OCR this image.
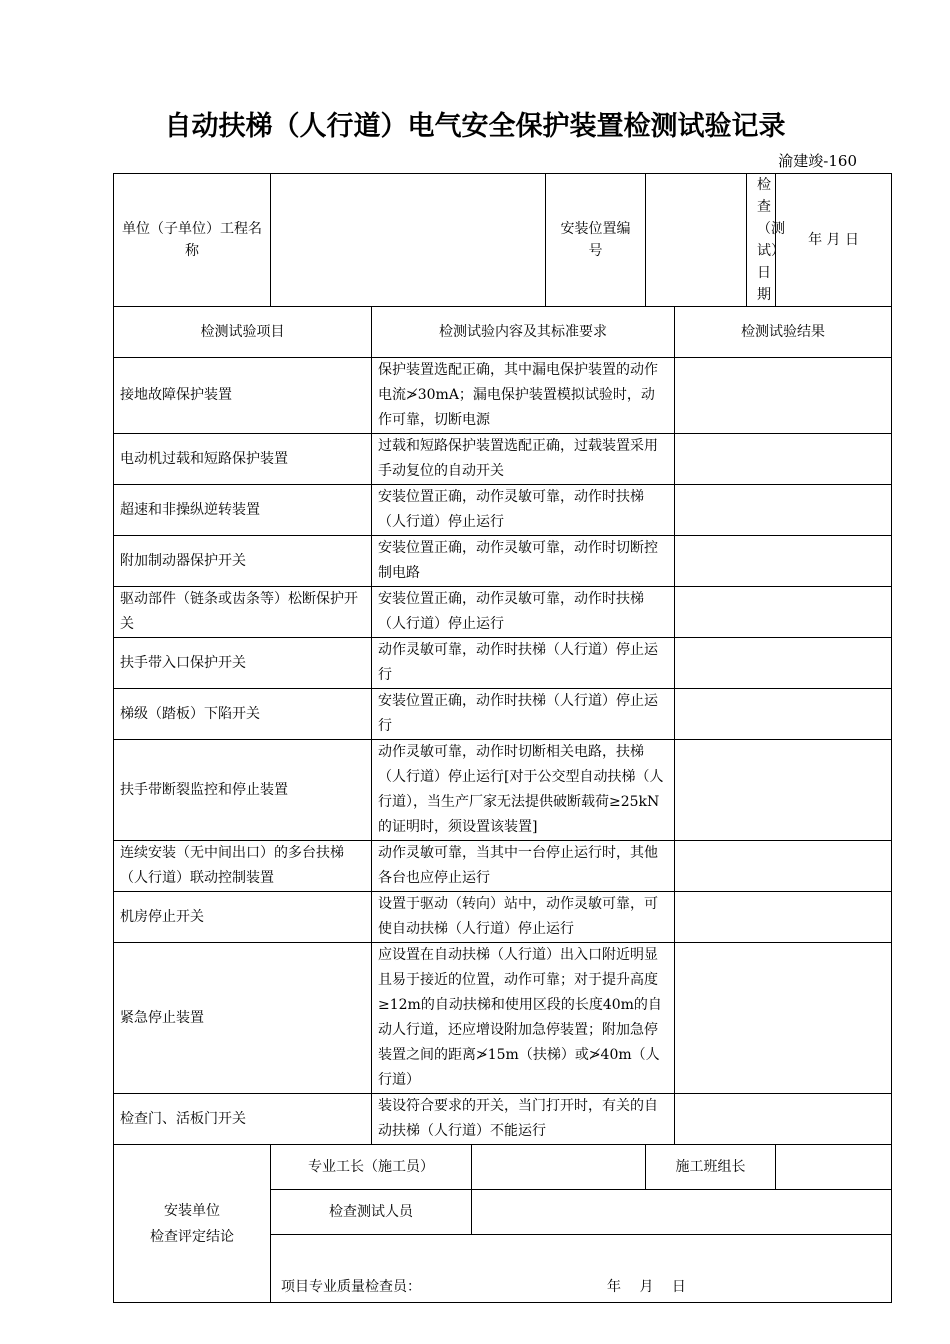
自动扶梯（人行道）电气安全保护装置检测试验记录
渝建竣-160
单位（子单位）工程名称				安装位置编号			检查（测试）日期	年 月 日
检测试验项目		检测试验内容及其标准要求				检测试验结果		
接地故障保护装置		保护装置选配正确，其中漏电保护装置的动作电流≯30mA；漏电保护装置模拟试验时，动作可靠，切断电源						
电动机过载和短路保护装置		过载和短路保护装置选配正确，过载装置采用手动复位的自动开关						
超速和非操纵逆转装置		安装位置正确，动作灵敏可靠，动作时扶梯（人行道）停止运行						
附加制动器保护开关		安装位置正确，动作灵敏可靠，动作时切断控制电路						
驱动部件（链条或齿条等）松断保护开关		安装位置正确，动作灵敏可靠，动作时扶梯（人行道）停止运行						
扶手带入口保护开关		动作灵敏可靠，动作时扶梯（人行道）停止运行						
梯级（踏板）下陷开关		安装位置正确，动作时扶梯（人行道）停止运行						
扶手带断裂监控和停止装置		动作灵敏可靠，动作时切断相关电路，扶梯（人行道）停止运行[对于公交型自动扶梯（人行道），当生产厂家无法提供破断载荷≥25kN的证明时，须设置该装置]						
连续安装（无中间出口）的多台扶梯（人行道）联动控制装置		动作灵敏可靠，当其中一台停止运行时，其他各台也应停止运行						
机房停止开关		设置于驱动（转向）站中，动作灵敏可靠，可使自动扶梯（人行道）停止运行						
紧急停止装置		应设置在自动扶梯（人行道）出入口附近明显且易于接近的位置，动作可靠；对于提升高度≥12m的自动扶梯和使用区段的长度40m的自动人行道，还应增设附加急停装置；附加急停装置之间的距离≯15m（扶梯）或≯40m（人行道）						
检查门、活板门开关		装设符合要求的开关，当门打开时，有关的自动扶梯（人行道）不能运行						

安装单位
检查评定结论	专业工长（施工员）				施工班组长			
	检查测试人员							
	项目专业质量检查员： 年　 月　 日							
